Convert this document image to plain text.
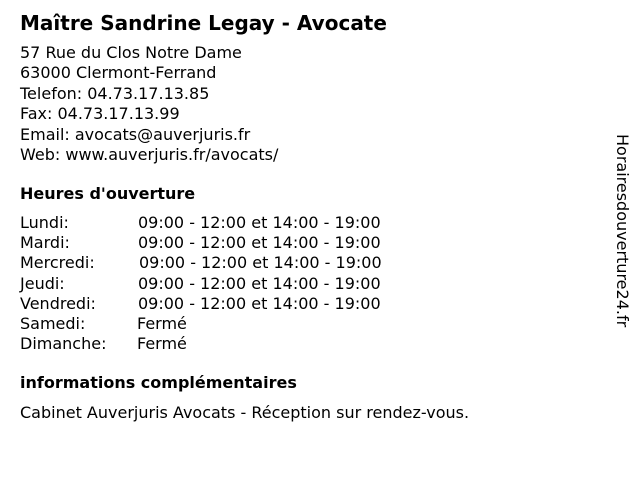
Maître Sandrine Legay - Avocate
57 Rue du Clos Notre Dame
63000 Clermont-Ferrand
Telefon: 04.73.17.13.85
Fax: 04.73.17.13.99
Email: avocats@auverjuris.fr
Web: www.auverjuris.fr/avocats/
Heures d'ouverture
Lundi:	09:00 - 12:00 et 14:00 - 19:00
Mardi:	09:00 - 12:00 et 14:00 - 19:00
Mercredi:	09:00 - 12:00 et 14:00 - 19:00
Jeudi:	09:00 - 12:00 et 14:00 - 19:00
Vendredi:	09:00 - 12:00 et 14:00 - 19:00
Samedi:	Fermé
Dimanche: Fermé
informations complémentaires
Cabinet Auverjuris Avocats - Réception sur rendez-vous.
Horairesdouverture24.fr
